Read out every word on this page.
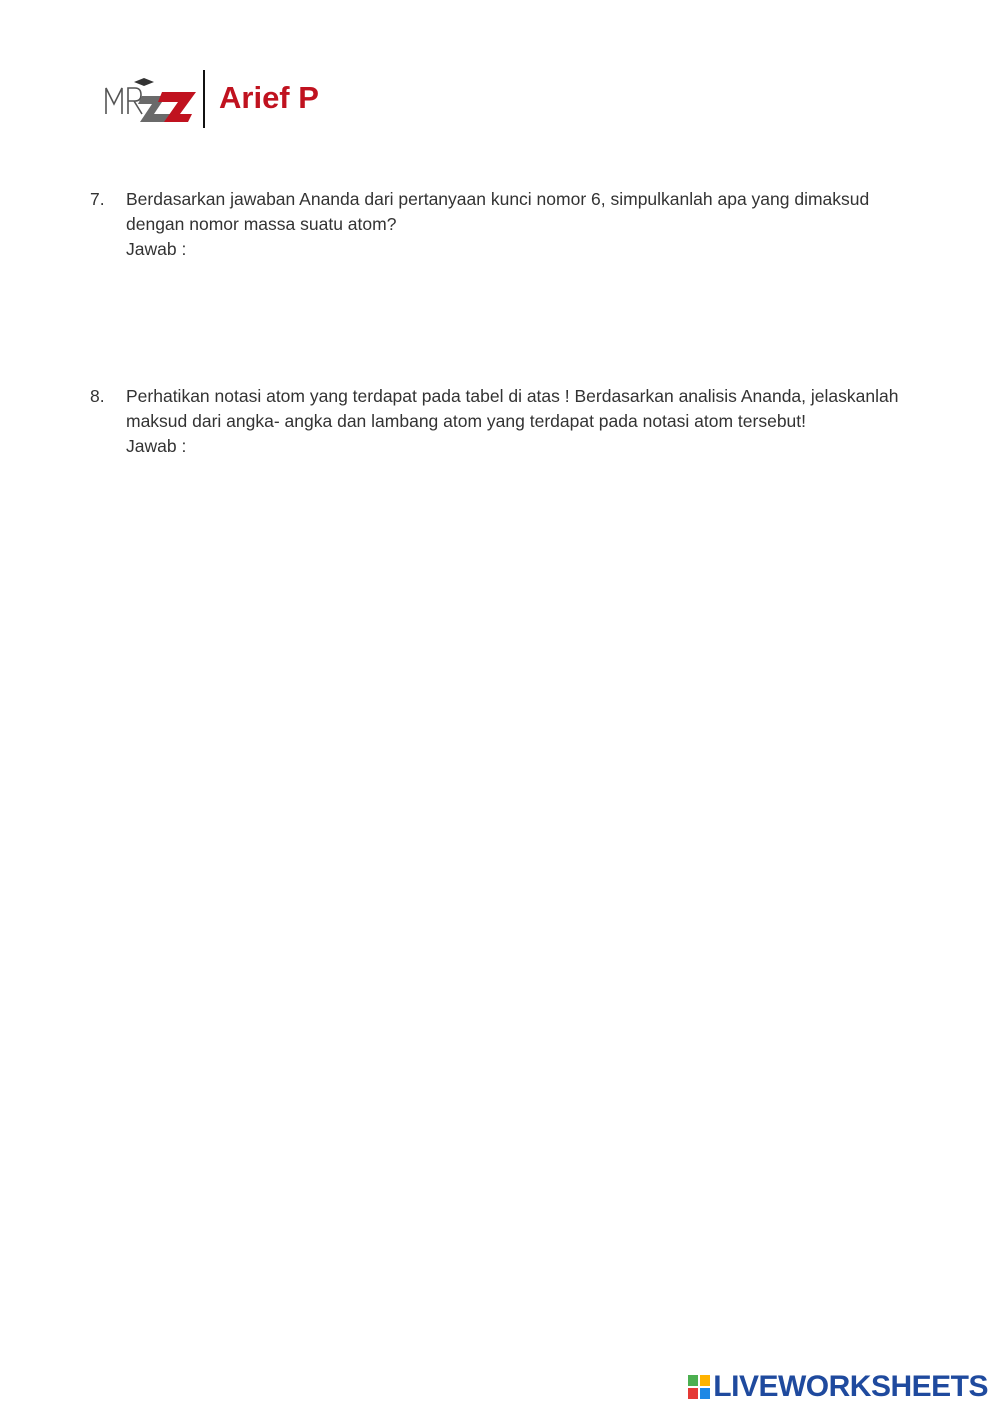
Arief P
7.	Berdasarkan jawaban Ananda dari pertanyaan kunci nomor 6, simpulkanlah apa yang dimaksud dengan nomor massa suatu atom?
Jawab :
8.	Perhatikan notasi atom yang terdapat pada tabel di atas ! Berdasarkan analisis Ananda, jelaskanlah maksud dari angka- angka dan lambang atom yang terdapat pada notasi atom tersebut!
Jawab :
LIVEWORKSHEETS
